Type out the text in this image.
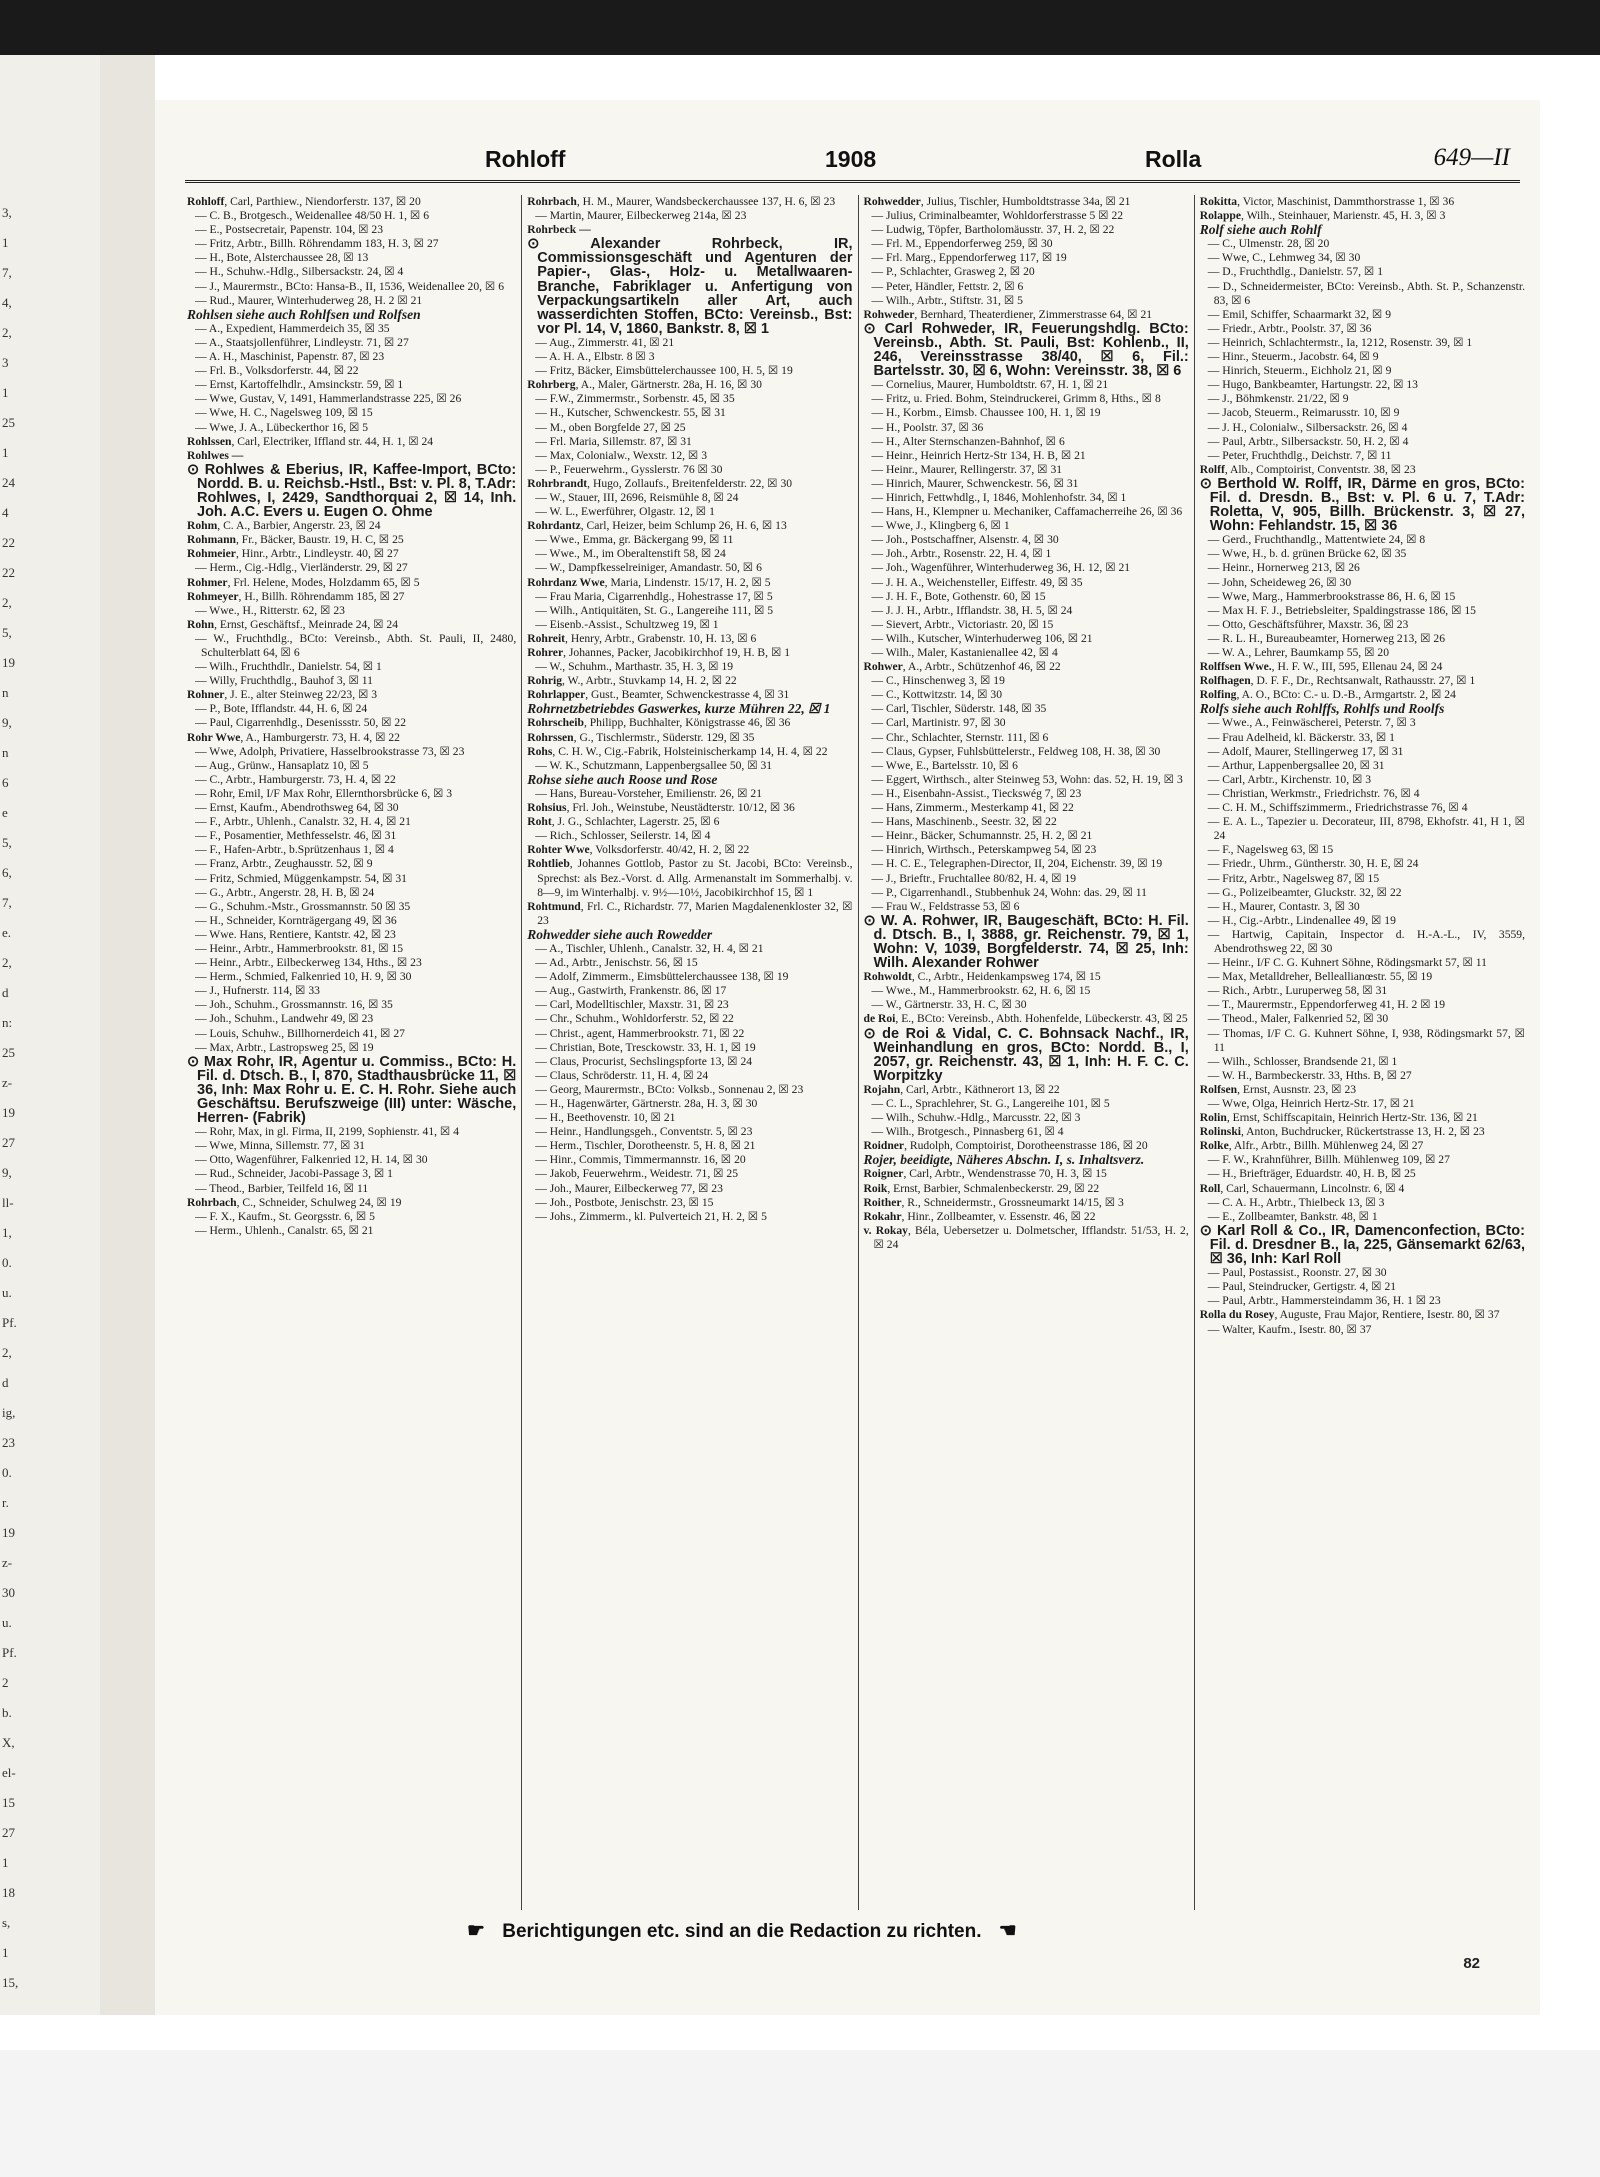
3,
1
7,
4,
2,
3
1
25
1
24
4
22
22
2,
5,
19
n
9,
n
6
e
5,
6,
7,
e.
2,
d
n:
25
z-
19
27
9,
ll-
1,
0.
u.
Pf.
2,
d
ig,
23
0.
r.
19
z-
30
u.
Pf.
2
b.
X,
el-
15
27
1
18
s,
1
15,
Rohloff	1908	Rolla	649—II

Rohloff, Carl, Parthiew., Niendorferstr. 137, ☒ 20

— C. B., Brotgesch., Weidenallee 48/50 H. 1, ☒ 6

— E., Postsecretair, Papenstr. 104, ☒ 23

— Fritz, Arbtr., Billh. Röhrendamm 183, H. 3, ☒ 27

— H., Bote, Alsterchaussee 28, ☒ 13

— H., Schuhw.-Hdlg., Silbersackstr. 24, ☒ 4

— J., Maurermstr., BCto: Hansa-B., II, 1536, Weidenallee 20, ☒ 6

— Rud., Maurer, Winterhuderweg 28, H. 2 ☒ 21

Rohlsen siehe auch Rohlfsen und Rolfsen

— A., Expedient, Hammerdeich 35, ☒ 35

— A., Staatsjollenführer, Lindleystr. 71, ☒ 27

— A. H., Maschinist, Papenstr. 87, ☒ 23

— Frl. B., Volksdorferstr. 44, ☒ 22

— Ernst, Kartoffelhdlr., Amsinckstr. 59, ☒ 1

— Wwe, Gustav, V, 1491, Hammerlandstrasse 225, ☒ 26

— Wwe, H. C., Nagelsweg 109, ☒ 15

— Wwe, J. A., Lübeckerthor 16, ☒ 5

Rohlssen, Carl, Electriker, Iffland str. 44, H. 1, ☒ 24

Rohlwes —

⊙ Rohlwes & Eberius, IR, Kaffee-Import, BCto: Nordd. B. u. Reichsb.-Hstl., Bst: v. Pl. 8, T.Adr: Rohlwes, I, 2429, Sandthorquai 2, ☒ 14, Inh. Joh. A.C. Evers u. Eugen O. Ohme

Rohm, C. A., Barbier, Angerstr. 23, ☒ 24

Rohmann, Fr., Bäcker, Baustr. 19, H. C, ☒ 25

Rohmeier, Hinr., Arbtr., Lindleystr. 40, ☒ 27

— Herm., Cig.-Hdlg., Vierländerstr. 29, ☒ 27

Rohmer, Frl. Helene, Modes, Holzdamm 65, ☒ 5

Rohmeyer, H., Billh. Röhrendamm 185, ☒ 27

— Wwe., H., Ritterstr. 62, ☒ 23

Rohn, Ernst, Geschäftsf., Meinrade 24, ☒ 24

— W., Fruchthdlg., BCto: Vereinsb., Abth. St. Pauli, II, 2480, Schulterblatt 64, ☒ 6

— Wilh., Fruchthdlr., Danielstr. 54, ☒ 1

— Willy, Fruchthdlg., Bauhof 3, ☒ 11

Rohner, J. E., alter Steinweg 22/23, ☒ 3

— P., Bote, Ifflandstr. 44, H. 6, ☒ 24

— Paul, Cigarrenhdlg., Desenissstr. 50, ☒ 22

Rohr Wwe, A., Hamburgerstr. 73, H. 4, ☒ 22

— Wwe, Adolph, Privatiere, Hasselbrookstrasse 73, ☒ 23

— Aug., Grünw., Hansaplatz 10, ☒ 5

— C., Arbtr., Hamburgerstr. 73, H. 4, ☒ 22

— Rohr, Emil, I/F Max Rohr, Ellernthorsbrücke 6, ☒ 3

— Ernst, Kaufm., Abendrothsweg 64, ☒ 30

— F., Arbtr., Uhlenh., Canalstr. 32, H. 4, ☒ 21

— F., Posamentier, Methfesselstr. 46, ☒ 31

— F., Hafen-Arbtr., b.Sprützenhaus 1, ☒ 4

— Franz, Arbtr., Zeughausstr. 52, ☒ 9

— Fritz, Schmied, Müggenkampstr. 54, ☒ 31

— G., Arbtr., Angerstr. 28, H. B, ☒ 24

— G., Schuhm.-Mstr., Grossmannstr. 50 ☒ 35

— H., Schneider, Kornträgergang 49, ☒ 36

— Wwe. Hans, Rentiere, Kantstr. 42, ☒ 23

— Heinr., Arbtr., Hammerbrookstr. 81, ☒ 15

— Heinr., Arbtr., Eilbeckerweg 134, Hths., ☒ 23

— Herm., Schmied, Falkenried 10, H. 9, ☒ 30

— J., Hufnerstr. 114, ☒ 33

— Joh., Schuhm., Grossmannstr. 16, ☒ 35

— Joh., Schuhm., Landwehr 49, ☒ 23

— Louis, Schuhw., Billhornerdeich 41, ☒ 27

— Max, Arbtr., Lastropsweg 25, ☒ 19

⊙ Max Rohr, IR, Agentur u. Commiss., BCto: H. Fil. d. Dtsch. B., I, 870, Stadthausbrücke 11, ☒ 36, Inh: Max Rohr u. E. C. H. Rohr. Siehe auch Geschäftsu. Berufszweige (III) unter: Wäsche, Herren- (Fabrik)

— Rohr, Max, in gl. Firma, II, 2199, Sophienstr. 41, ☒ 4

— Wwe, Minna, Sillemstr. 77, ☒ 31

— Otto, Wagenführer, Falkenried 12, H. 14, ☒ 30

— Rud., Schneider, Jacobi-Passage 3, ☒ 1

— Theod., Barbier, Teilfeld 16, ☒ 11

Rohrbach, C., Schneider, Schulweg 24, ☒ 19

— F. X., Kaufm., St. Georgsstr. 6, ☒ 5

— Herm., Uhlenh., Canalstr. 65, ☒ 21

Rohrbach, H. M., Maurer, Wandsbeckerchaussee 137, H. 6, ☒ 23

— Martin, Maurer, Eilbeckerweg 214a, ☒ 23

Rohrbeck —

⊙ Alexander Rohrbeck, IR, Commissionsgeschäft und Agenturen der Papier-, Glas-, Holz- u. Metallwaaren-Branche, Fabriklager u. Anfertigung von Verpackungsartikeln aller Art, auch wasserdichten Stoffen, BCto: Vereinsb., Bst: vor Pl. 14, V, 1860, Bankstr. 8, ☒ 1

— Aug., Zimmerstr. 41, ☒ 21

— A. H. A., Elbstr. 8 ☒ 3

— Fritz, Bäcker, Eimsbüttelerchaussee 100, H. 5, ☒ 19

Rohrberg, A., Maler, Gärtnerstr. 28a, H. 16, ☒ 30

— F.W., Zimmermstr., Sorbenstr. 45, ☒ 35

— H., Kutscher, Schwenckestr. 55, ☒ 31

— M., oben Borgfelde 27, ☒ 25

— Frl. Maria, Sillemstr. 87, ☒ 31

— Max, Colonialw., Wexstr. 12, ☒ 3

— P., Feuerwehrm., Gysslerstr. 76 ☒ 30

Rohrbrandt, Hugo, Zollaufs., Breitenfelderstr. 22, ☒ 30

— W., Stauer, III, 2696, Reismühle 8, ☒ 24

— W. L., Ewerführer, Olgastr. 12, ☒ 1

Rohrdantz, Carl, Heizer, beim Schlump 26, H. 6, ☒ 13

— Wwe., Emma, gr. Bäckergang 99, ☒ 11

— Wwe., M., im Oberaltenstift 58, ☒ 24

— W., Dampfkesselreiniger, Amandastr. 50, ☒ 6

Rohrdanz Wwe, Maria, Lindenstr. 15/17, H. 2, ☒ 5

— Frau Maria, Cigarrenhdlg., Hohestrasse 17, ☒ 5

— Wilh., Antiquitäten, St. G., Langereihe 111, ☒ 5

— Eisenb.-Assist., Schultzweg 19, ☒ 1

Rohreit, Henry, Arbtr., Grabenstr. 10, H. 13, ☒ 6

Rohrer, Johannes, Packer, Jacobikirchhof 19, H. B, ☒ 1

— W., Schuhm., Marthastr. 35, H. 3, ☒ 19

Rohrig, W., Arbtr., Stuvkamp 14, H. 2, ☒ 22

Rohrlapper, Gust., Beamter, Schwenckestrasse 4, ☒ 31

Rohrnetzbetriebdes Gaswerkes, kurze Mühren 22, ☒ 1

Rohrscheib, Philipp, Buchhalter, Königstrasse 46, ☒ 36

Rohrssen, G., Tischlermstr., Süderstr. 129, ☒ 35

Rohs, C. H. W., Cig.-Fabrik, Holsteinischerkamp 14, H. 4, ☒ 22

— W. K., Schutzmann, Lappenbergsallee 50, ☒ 31

Rohse siehe auch Roose und Rose

— Hans, Bureau-Vorsteher, Emilienstr. 26, ☒ 21

Rohsius, Frl. Joh., Weinstube, Neustädterstr. 10/12, ☒ 36

Roht, J. G., Schlachter, Lagerstr. 25, ☒ 6

— Rich., Schlosser, Seilerstr. 14, ☒ 4

Rohter Wwe, Volksdorferstr. 40/42, H. 2, ☒ 22

Rohtlieb, Johannes Gottlob, Pastor zu St. Jacobi, BCto: Vereinsb., Sprechst: als Bez.-Vorst. d. Allg. Armenanstalt im Sommerhalbj. v. 8—9, im Winterhalbj. v. 9½—10½, Jacobikirchhof 15, ☒ 1

Rohtmund, Frl. C., Richardstr. 77, Marien Magdalenenkloster 32, ☒ 23

Rohwedder siehe auch Rowedder

— A., Tischler, Uhlenh., Canalstr. 32, H. 4, ☒ 21

— Ad., Arbtr., Jenischstr. 56, ☒ 15

— Adolf, Zimmerm., Eimsbüttelerchaussee 138, ☒ 19

— Aug., Gastwirth, Frankenstr. 86, ☒ 17

— Carl, Modelltischler, Maxstr. 31, ☒ 23

— Chr., Schuhm., Wohldorferstr. 52, ☒ 22

— Christ., agent, Hammerbrookstr. 71, ☒ 22

— Christian, Bote, Tresckowstr. 33, H. 1, ☒ 19

— Claus, Procurist, Sechslingspforte 13, ☒ 24

— Claus, Schröderstr. 11, H. 4, ☒ 24

— Georg, Maurermstr., BCto: Volksb., Sonnenau 2, ☒ 23

— H., Hagenwärter, Gärtnerstr. 28a, H. 3, ☒ 30

— H., Beethovenstr. 10, ☒ 21

— Heinr., Handlungsgeh., Conventstr. 5, ☒ 23

— Herm., Tischler, Dorotheenstr. 5, H. 8, ☒ 21

— Hinr., Commis, Timmermannstr. 16, ☒ 20

— Jakob, Feuerwehrm., Weidestr. 71, ☒ 25

— Joh., Maurer, Eilbeckerweg 77, ☒ 23

— Joh., Postbote, Jenischstr. 23, ☒ 15

— Johs., Zimmerm., kl. Pulverteich 21, H. 2, ☒ 5

Rohwedder, Julius, Tischler, Humboldtstrasse 34a, ☒ 21

— Julius, Criminalbeamter, Wohldorferstrasse 5 ☒ 22

— Ludwig, Töpfer, Bartholomäusstr. 37, H. 2, ☒ 22

— Frl. M., Eppendorferweg 259, ☒ 30

— Frl. Marg., Eppendorferweg 117, ☒ 19

— P., Schlachter, Grasweg 2, ☒ 20

— Peter, Händler, Fettstr. 2, ☒ 6

— Wilh., Arbtr., Stiftstr. 31, ☒ 5

Rohweder, Bernhard, Theaterdiener, Zimmerstrasse 64, ☒ 21

⊙ Carl Rohweder, IR, Feuerungshdlg. BCto: Vereinsb., Abth. St. Pauli, Bst: Kohlenb., II, 246, Vereinsstrasse 38/40, ☒ 6, Fil.: Bartelsstr. 30, ☒ 6, Wohn: Vereinsstr. 38, ☒ 6

— Cornelius, Maurer, Humboldtstr. 67, H. 1, ☒ 21

— Fritz, u. Fried. Bohm, Steindruckerei, Grimm 8, Hths., ☒ 8

— H., Korbm., Eimsb. Chaussee 100, H. 1, ☒ 19

— H., Poolstr. 37, ☒ 36

— H., Alter Sternschanzen-Bahnhof, ☒ 6

— Heinr., Heinrich Hertz-Str 134, H. B, ☒ 21

— Heinr., Maurer, Rellingerstr. 37, ☒ 31

— Hinrich, Maurer, Schwenckestr. 56, ☒ 31

— Hinrich, Fettwhdlg., I, 1846, Mohlenhofstr. 34, ☒ 1

— Hans, H., Klempner u. Mechaniker, Caffamacherreihe 26, ☒ 36

— Wwe, J., Klingberg 6, ☒ 1

— Joh., Postschaffner, Alsenstr. 4, ☒ 30

— Joh., Arbtr., Rosenstr. 22, H. 4, ☒ 1

— Joh., Wagenführer, Winterhuderweg 36, H. 12, ☒ 21

— J. H. A., Weichensteller, Eiffestr. 49, ☒ 35

— J. H. F., Bote, Gothenstr. 60, ☒ 15

— J. J. H., Arbtr., Ifflandstr. 38, H. 5, ☒ 24

— Sievert, Arbtr., Victoriastr. 20, ☒ 15

— Wilh., Kutscher, Winterhuderweg 106, ☒ 21

— Wilh., Maler, Kastanienallee 42, ☒ 4

Rohwer, A., Arbtr., Schützenhof 46, ☒ 22

— C., Hinschenweg 3, ☒ 19

— C., Kottwitzstr. 14, ☒ 30

— Carl, Tischler, Süderstr. 148, ☒ 35

— Carl, Martinistr. 97, ☒ 30

— Chr., Schlachter, Sternstr. 111, ☒ 6

— Claus, Gypser, Fuhlsbüttelerstr., Feldweg 108, H. 38, ☒ 30

— Wwe, E., Bartelsstr. 10, ☒ 6

— Eggert, Wirthsch., alter Steinweg 53, Wohn: das. 52, H. 19, ☒ 3

— H., Eisenbahn-Assist., Tieckswég 7, ☒ 23

— Hans, Zimmerm., Mesterkamp 41, ☒ 22

— Hans, Maschinenb., Seestr. 32, ☒ 22

— Heinr., Bäcker, Schumannstr. 25, H. 2, ☒ 21

— Hinrich, Wirthsch., Peterskampweg 54, ☒ 23

— H. C. E., Telegraphen-Director, II, 204, Eichenstr. 39, ☒ 19

— J., Brieftr., Fruchtallee 80/82, H. 4, ☒ 19

— P., Cigarrenhandl., Stubbenhuk 24, Wohn: das. 29, ☒ 11

— Frau W., Feldstrasse 53, ☒ 6

⊙ W. A. Rohwer, IR, Baugeschäft, BCto: H. Fil. d. Dtsch. B., I, 3888, gr. Reichenstr. 79, ☒ 1, Wohn: V, 1039, Borgfelderstr. 74, ☒ 25, Inh: Wilh. Alexander Rohwer

Rohwoldt, C., Arbtr., Heidenkampsweg 174, ☒ 15

— Wwe., M., Hammerbrookstr. 62, H. 6, ☒ 15

— W., Gärtnerstr. 33, H. C, ☒ 30

de Roi, E., BCto: Vereinsb., Abth. Hohenfelde, Lübeckerstr. 43, ☒ 25

⊙ de Roi & Vidal, C. C. Bohnsack Nachf., IR, Weinhandlung en gros, BCto: Nordd. B., I, 2057, gr. Reichenstr. 43, ☒ 1, Inh: H. F. C. C. Worpitzky

Rojahn, Carl, Arbtr., Käthnerort 13, ☒ 22

— C. L., Sprachlehrer, St. G., Langereihe 101, ☒ 5

— Wilh., Schuhw.-Hdlg., Marcusstr. 22, ☒ 3

— Wilh., Brotgesch., Pinnasberg 61, ☒ 4

Roidner, Rudolph, Comptoirist, Dorotheenstrasse 186, ☒ 20

Rojer, beeidigte, Näheres Abschn. I, s. Inhaltsverz.

Roigner, Carl, Arbtr., Wendenstrasse 70, H. 3, ☒ 15

Roik, Ernst, Barbier, Schmalenbeckerstr. 29, ☒ 22

Roither, R., Schneidermstr., Grossneumarkt 14/15, ☒ 3

Rokahr, Hinr., Zollbeamter, v. Essenstr. 46, ☒ 22

v. Rokay, Béla, Uebersetzer u. Dolmetscher, Ifflandstr. 51/53, H. 2, ☒ 24

Rokitta, Victor, Maschinist, Dammthorstrasse 1, ☒ 36

Rolappe, Wilh., Steinhauer, Marienstr. 45, H. 3, ☒ 3

Rolf siehe auch Rohlf

— C., Ulmenstr. 28, ☒ 20

— Wwe, C., Lehmweg 34, ☒ 30

— D., Fruchthdlg., Danielstr. 57, ☒ 1

— D., Schneidermeister, BCto: Vereinsb., Abth. St. P., Schanzenstr. 83, ☒ 6

— Emil, Schiffer, Schaarmarkt 32, ☒ 9

— Friedr., Arbtr., Poolstr. 37, ☒ 36

— Heinrich, Schlachtermstr., Ia, 1212, Rosenstr. 39, ☒ 1

— Hinr., Steuerm., Jacobstr. 64, ☒ 9

— Hinrich, Steuerm., Eichholz 21, ☒ 9

— Hugo, Bankbeamter, Hartungstr. 22, ☒ 13

— J., Böhmkenstr. 21/22, ☒ 9

— Jacob, Steuerm., Reimarusstr. 10, ☒ 9

— J. H., Colonialw., Silbersackstr. 26, ☒ 4

— Paul, Arbtr., Silbersackstr. 50, H. 2, ☒ 4

— Peter, Fruchthdlg., Deichstr. 7, ☒ 11

Rolff, Alb., Comptoirist, Conventstr. 38, ☒ 23

⊙ Berthold W. Rolff, IR, Därme en gros, BCto: Fil. d. Dresdn. B., Bst: v. Pl. 6 u. 7, T.Adr: Roletta, V, 905, Billh. Brückenstr. 3, ☒ 27, Wohn: Fehlandstr. 15, ☒ 36

— Gerd., Fruchthandlg., Mattentwiete 24, ☒ 8

— Wwe, H., b. d. grünen Brücke 62, ☒ 35

— Heinr., Hornerweg 213, ☒ 26

— John, Scheideweg 26, ☒ 30

— Wwe, Marg., Hammerbrookstrasse 86, H. 6, ☒ 15

— Max H. F. J., Betriebsleiter, Spaldingstrasse 186, ☒ 15

— Otto, Geschäftsführer, Maxstr. 36, ☒ 23

— R. L. H., Bureaubeamter, Hornerweg 213, ☒ 26

— W. A., Lehrer, Baumkamp 55, ☒ 20

Rolffsen Wwe., H. F. W., III, 595, Ellenau 24, ☒ 24

Rolfhagen, D. F. F., Dr., Rechtsanwalt, Rathausstr. 27, ☒ 1

Rolfing, A. O., BCto: C.- u. D.-B., Armgartstr. 2, ☒ 24

Rolfs siehe auch Rohlffs, Rohlfs und Roolfs

— Wwe., A., Feinwäscherei, Peterstr. 7, ☒ 3

— Frau Adelheid, kl. Bäckerstr. 33, ☒ 1

— Adolf, Maurer, Stellingerweg 17, ☒ 31

— Arthur, Lappenbergsallee 20, ☒ 31

— Carl, Arbtr., Kirchenstr. 10, ☒ 3

— Christian, Werkmstr., Friedrichstr. 76, ☒ 4

— C. H. M., Schiffszimmerm., Friedrichstrasse 76, ☒ 4

— E. A. L., Tapezier u. Decorateur, III, 8798, Ekhofstr. 41, H 1, ☒ 24

— F., Nagelsweg 63, ☒ 15

— Friedr., Uhrm., Güntherstr. 30, H. E, ☒ 24

— Fritz, Arbtr., Nagelsweg 87, ☒ 15

— G., Polizeibeamter, Gluckstr. 32, ☒ 22

— H., Maurer, Contastr. 3, ☒ 30

— H., Cig.-Arbtr., Lindenallee 49, ☒ 19

— Hartwig, Capitain, Inspector d. H.-A.-L., IV, 3559, Abendrothsweg 22, ☒ 30

— Heinr., I/F C. G. Kuhnert Söhne, Rödingsmarkt 57, ☒ 11

— Max, Metalldreher, Belleallianœstr. 55, ☒ 19

— Rich., Arbtr., Luruperweg 58, ☒ 31

— T., Maurermstr., Eppendorferweg 41, H. 2 ☒ 19

— Theod., Maler, Falkenried 52, ☒ 30

— Thomas, I/F C. G. Kuhnert Söhne, I, 938, Rödingsmarkt 57, ☒ 11

— Wilh., Schlosser, Brandsende 21, ☒ 1

— W. H., Barmbeckerstr. 33, Hths. B, ☒ 27

Rolfsen, Ernst, Ausnstr. 23, ☒ 23

— Wwe, Olga, Heinrich Hertz-Str. 17, ☒ 21

Rolin, Ernst, Schiffscapitain, Heinrich Hertz-Str. 136, ☒ 21

Rolinski, Anton, Buchdrucker, Rückertstrasse 13, H. 2, ☒ 23

Rolke, Alfr., Arbtr., Billh. Mühlenweg 24, ☒ 27

— F. W., Krahnführer, Billh. Mühlenweg 109, ☒ 27

— H., Briefträger, Eduardstr. 40, H. B, ☒ 25

Roll, Carl, Schauermann, Lincolnstr. 6, ☒ 4

— C. A. H., Arbtr., Thielbeck 13, ☒ 3

— E., Zollbeamter, Bankstr. 48, ☒ 1

⊙ Karl Roll & Co., IR, Damenconfection, BCto: Fil. d. Dresdner B., Ia, 225, Gänsemarkt 62/63, ☒ 36, Inh: Karl Roll

— Paul, Postassist., Roonstr. 27, ☒ 30

— Paul, Steindrucker, Gertigstr. 4, ☒ 21

— Paul, Arbtr., Hammersteindamm 36, H. 1 ☒ 23

Rolla du Rosey, Auguste, Frau Major, Rentiere, Isestr. 80, ☒ 37

— Walter, Kaufm., Isestr. 80, ☒ 37

☛ Berichtigungen etc. sind an die Redaction zu richten. ☚
82
